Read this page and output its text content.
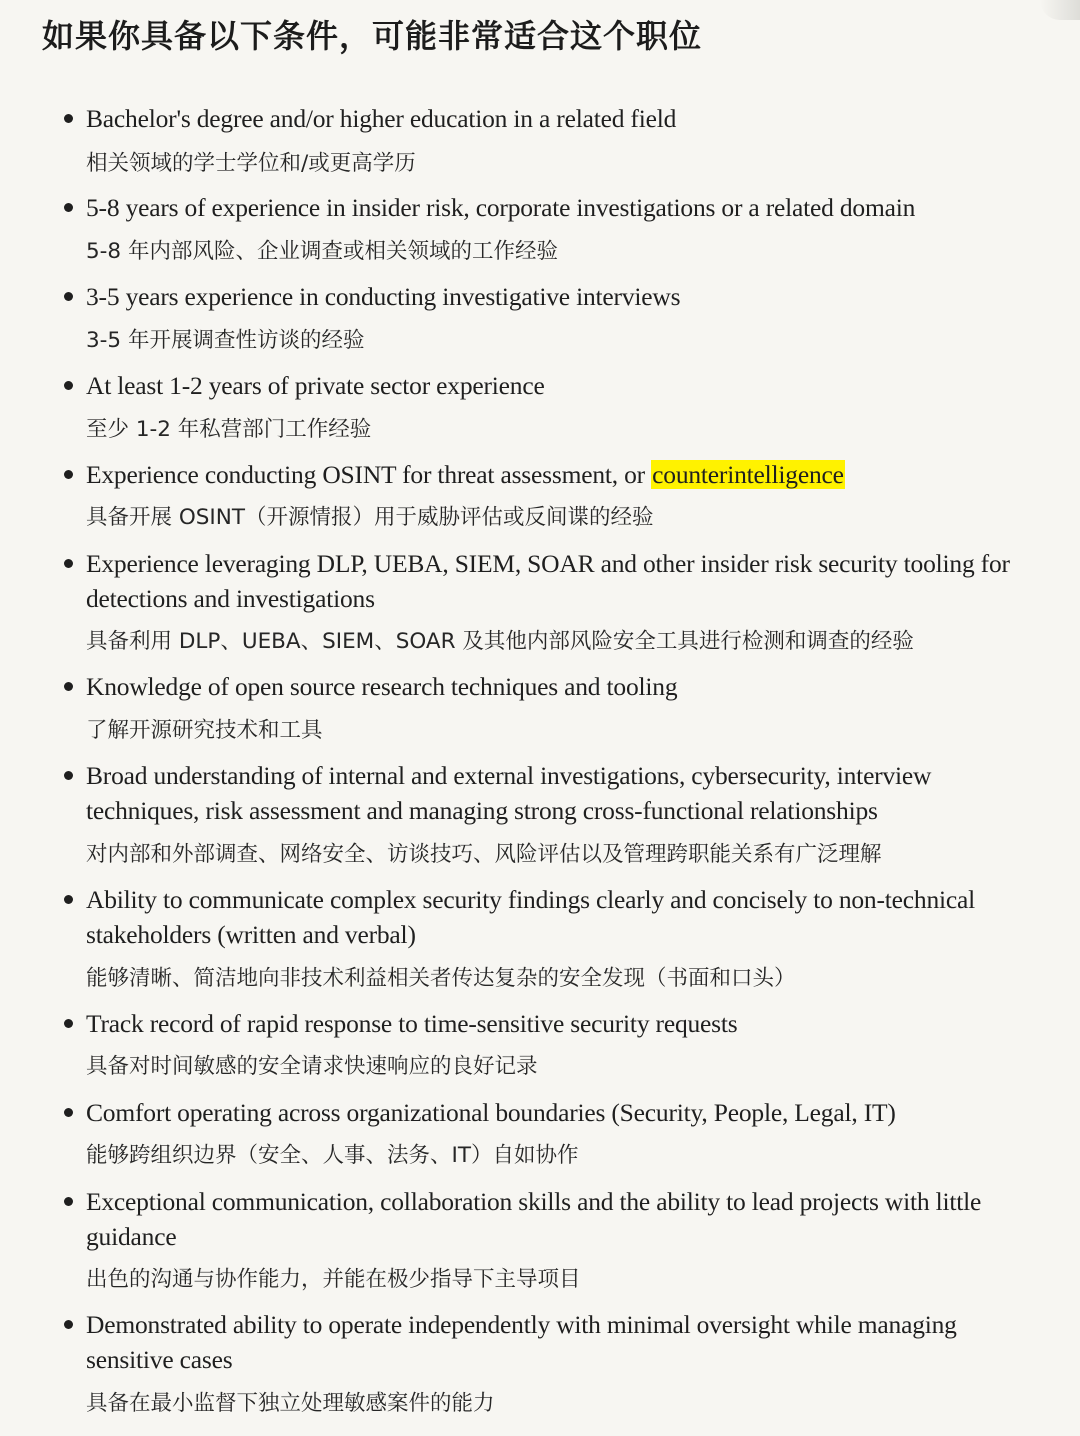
如果你具备以下条件，可能非常适合这个职位

Bachelor's degree and/or higher education in a related field

相关领域的学士学位和/或更高学历

5-8 years of experience in insider risk, corporate investigations or a related domain

5-8 年内部风险、企业调查或相关领域的工作经验

3-5 years experience in conducting investigative interviews

3-5 年开展调查性访谈的经验

At least 1-2 years of private sector experience

至少 1-2 年私营部门工作经验

Experience conducting OSINT for threat assessment, or counterintelligence

具备开展 OSINT（开源情报）用于威胁评估或反间谍的经验

Experience leveraging DLP, UEBA, SIEM, SOAR and other insider risk security tooling for detections and investigations

具备利用 DLP、UEBA、SIEM、SOAR 及其他内部风险安全工具进行检测和调查的经验

Knowledge of open source research techniques and tooling

了解开源研究技术和工具

Broad understanding of internal and external investigations, cybersecurity, interview techniques, risk assessment and managing strong cross-functional relationships

对内部和外部调查、网络安全、访谈技巧、风险评估以及管理跨职能关系有广泛理解

Ability to communicate complex security findings clearly and concisely to non-technical stakeholders (written and verbal)

能够清晰、简洁地向非技术利益相关者传达复杂的安全发现（书面和口头）

Track record of rapid response to time-sensitive security requests

具备对时间敏感的安全请求快速响应的良好记录

Comfort operating across organizational boundaries (Security, People, Legal, IT)

能够跨组织边界（安全、人事、法务、IT）自如协作

Exceptional communication, collaboration skills and the ability to lead projects with little guidance

出色的沟通与协作能力，并能在极少指导下主导项目

Demonstrated ability to operate independently with minimal oversight while managing sensitive cases

具备在最小监督下独立处理敏感案件的能力
